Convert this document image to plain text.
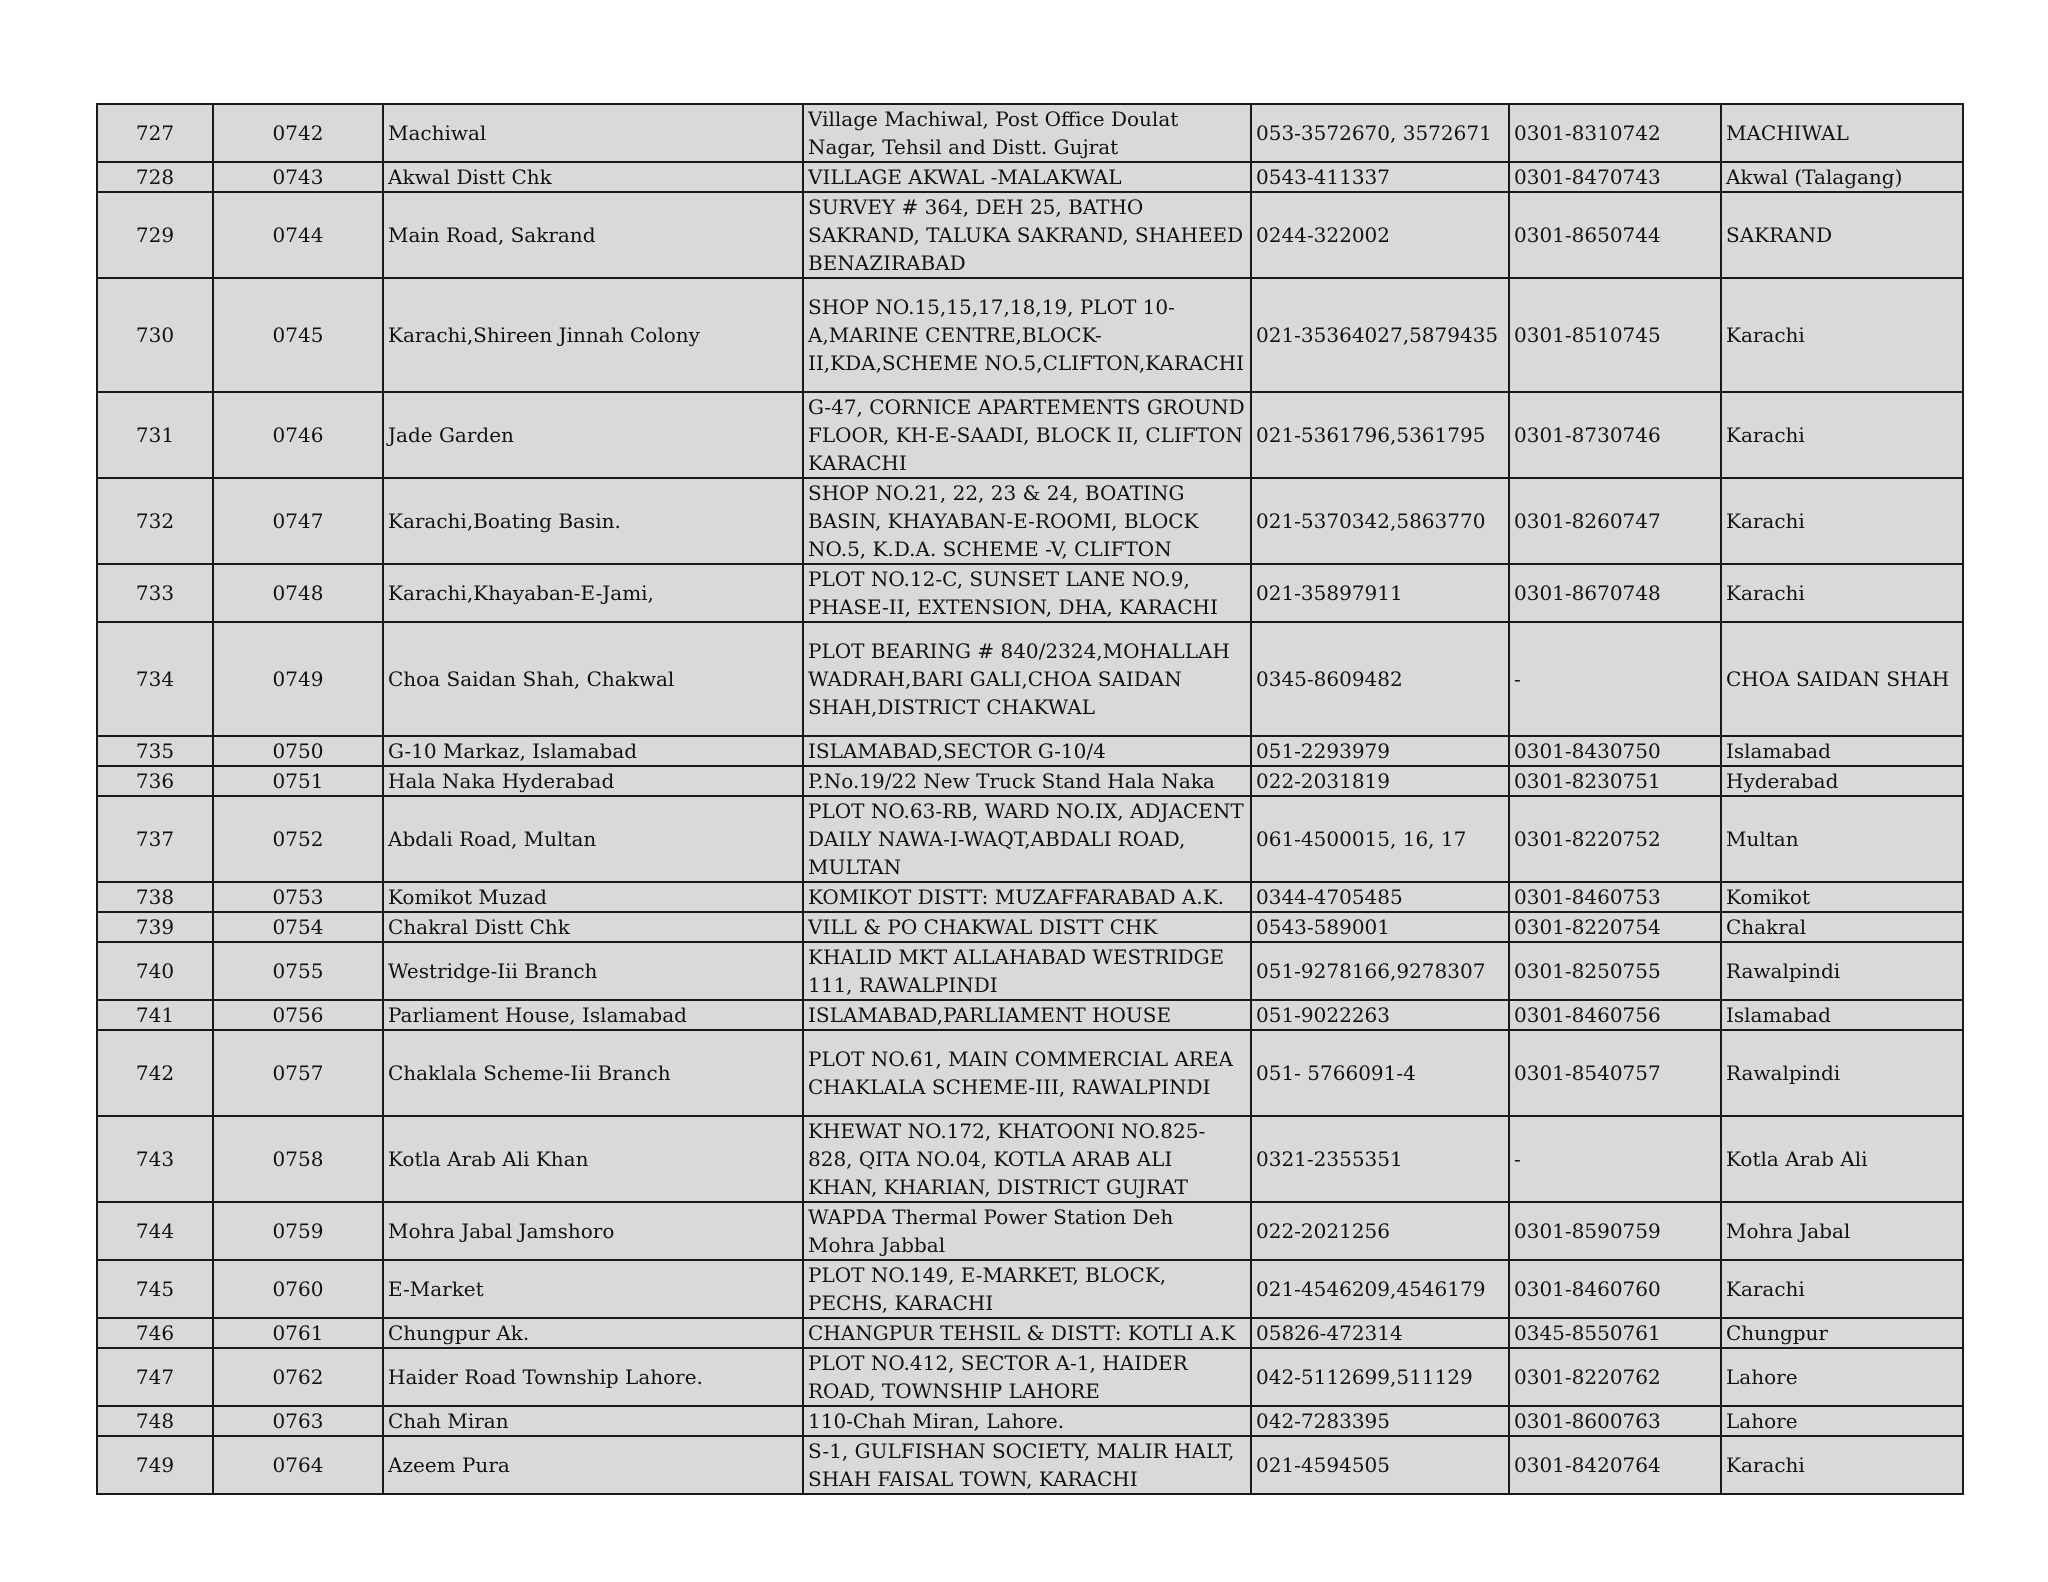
727	0742	Machiwal	Village Machiwal, Post Office Doulat Nagar, Tehsil and Distt. Gujrat	053-3572670, 3572671	0301-8310742	MACHIWAL
728	0743	Akwal Distt Chk	VILLAGE AKWAL -MALAKWAL	0543-411337	0301-8470743	Akwal (Talagang)
729	0744	Main Road, Sakrand	SURVEY # 364, DEH 25, BATHO SAKRAND, TALUKA SAKRAND, SHAHEED BENAZIRABAD	0244-322002	0301-8650744	SAKRAND
730	0745	Karachi,Shireen Jinnah Colony	SHOP NO.15,15,17,18,19, PLOT 10-A,MARINE CENTRE,BLOCK-II,KDA,SCHEME NO.5,CLIFTON,KARACHI	021-35364027,5879435	0301-8510745	Karachi
731	0746	Jade Garden	G-47, CORNICE APARTEMENTS GROUND FLOOR, KH-E-SAADI, BLOCK II, CLIFTON KARACHI	021-5361796,5361795	0301-8730746	Karachi
732	0747	Karachi,Boating Basin.	SHOP NO.21, 22, 23 & 24, BOATING BASIN, KHAYABAN-E-ROOMI, BLOCK NO.5, K.D.A. SCHEME -V, CLIFTON	021-5370342,5863770	0301-8260747	Karachi
733	0748	Karachi,Khayaban-E-Jami,	PLOT NO.12-C, SUNSET LANE NO.9, PHASE-II, EXTENSION, DHA, KARACHI	021-35897911	0301-8670748	Karachi
734	0749	Choa Saidan Shah, Chakwal	PLOT BEARING # 840/2324,MOHALLAH WADRAH,BARI GALI,CHOA SAIDAN SHAH,DISTRICT CHAKWAL	0345-8609482	-	CHOA SAIDAN SHAH
735	0750	G-10 Markaz, Islamabad	ISLAMABAD,SECTOR G-10/4	051-2293979	0301-8430750	Islamabad
736	0751	Hala Naka Hyderabad	P.No.19/22 New Truck Stand Hala Naka	022-2031819	0301-8230751	Hyderabad
737	0752	Abdali Road, Multan	PLOT NO.63-RB, WARD NO.IX, ADJACENT DAILY NAWA-I-WAQT,ABDALI ROAD, MULTAN	061-4500015, 16, 17	0301-8220752	Multan
738	0753	Komikot Muzad	KOMIKOT DISTT: MUZAFFARABAD A.K.	0344-4705485	0301-8460753	Komikot
739	0754	Chakral Distt Chk	VILL & PO CHAKWAL DISTT CHK	0543-589001	0301-8220754	Chakral
740	0755	Westridge-Iii Branch	KHALID MKT ALLAHABAD WESTRIDGE 111, RAWALPINDI	051-9278166,9278307	0301-8250755	Rawalpindi
741	0756	Parliament House, Islamabad	ISLAMABAD,PARLIAMENT HOUSE	051-9022263	0301-8460756	Islamabad
742	0757	Chaklala Scheme-Iii Branch	PLOT NO.61, MAIN COMMERCIAL AREA CHAKLALA SCHEME-III, RAWALPINDI	051- 5766091-4	0301-8540757	Rawalpindi
743	0758	Kotla Arab Ali Khan	KHEWAT NO.172, KHATOONI NO.825-828, QITA NO.04, KOTLA ARAB ALI KHAN, KHARIAN, DISTRICT GUJRAT	0321-2355351	-	Kotla Arab Ali
744	0759	Mohra Jabal Jamshoro	WAPDA Thermal Power Station Deh Mohra Jabbal	022-2021256	0301-8590759	Mohra Jabal
745	0760	E-Market	PLOT NO.149, E-MARKET, BLOCK, PECHS, KARACHI	021-4546209,4546179	0301-8460760	Karachi
746	0761	Chungpur Ak.	CHANGPUR TEHSIL & DISTT: KOTLI A.K	05826-472314	0345-8550761	Chungpur
747	0762	Haider Road Township Lahore.	PLOT NO.412, SECTOR A-1, HAIDER ROAD, TOWNSHIP LAHORE	042-5112699,511129	0301-8220762	Lahore
748	0763	Chah Miran	110-Chah Miran, Lahore.	042-7283395	0301-8600763	Lahore
749	0764	Azeem Pura	S-1, GULFISHAN SOCIETY, MALIR HALT, SHAH FAISAL TOWN, KARACHI	021-4594505	0301-8420764	Karachi
